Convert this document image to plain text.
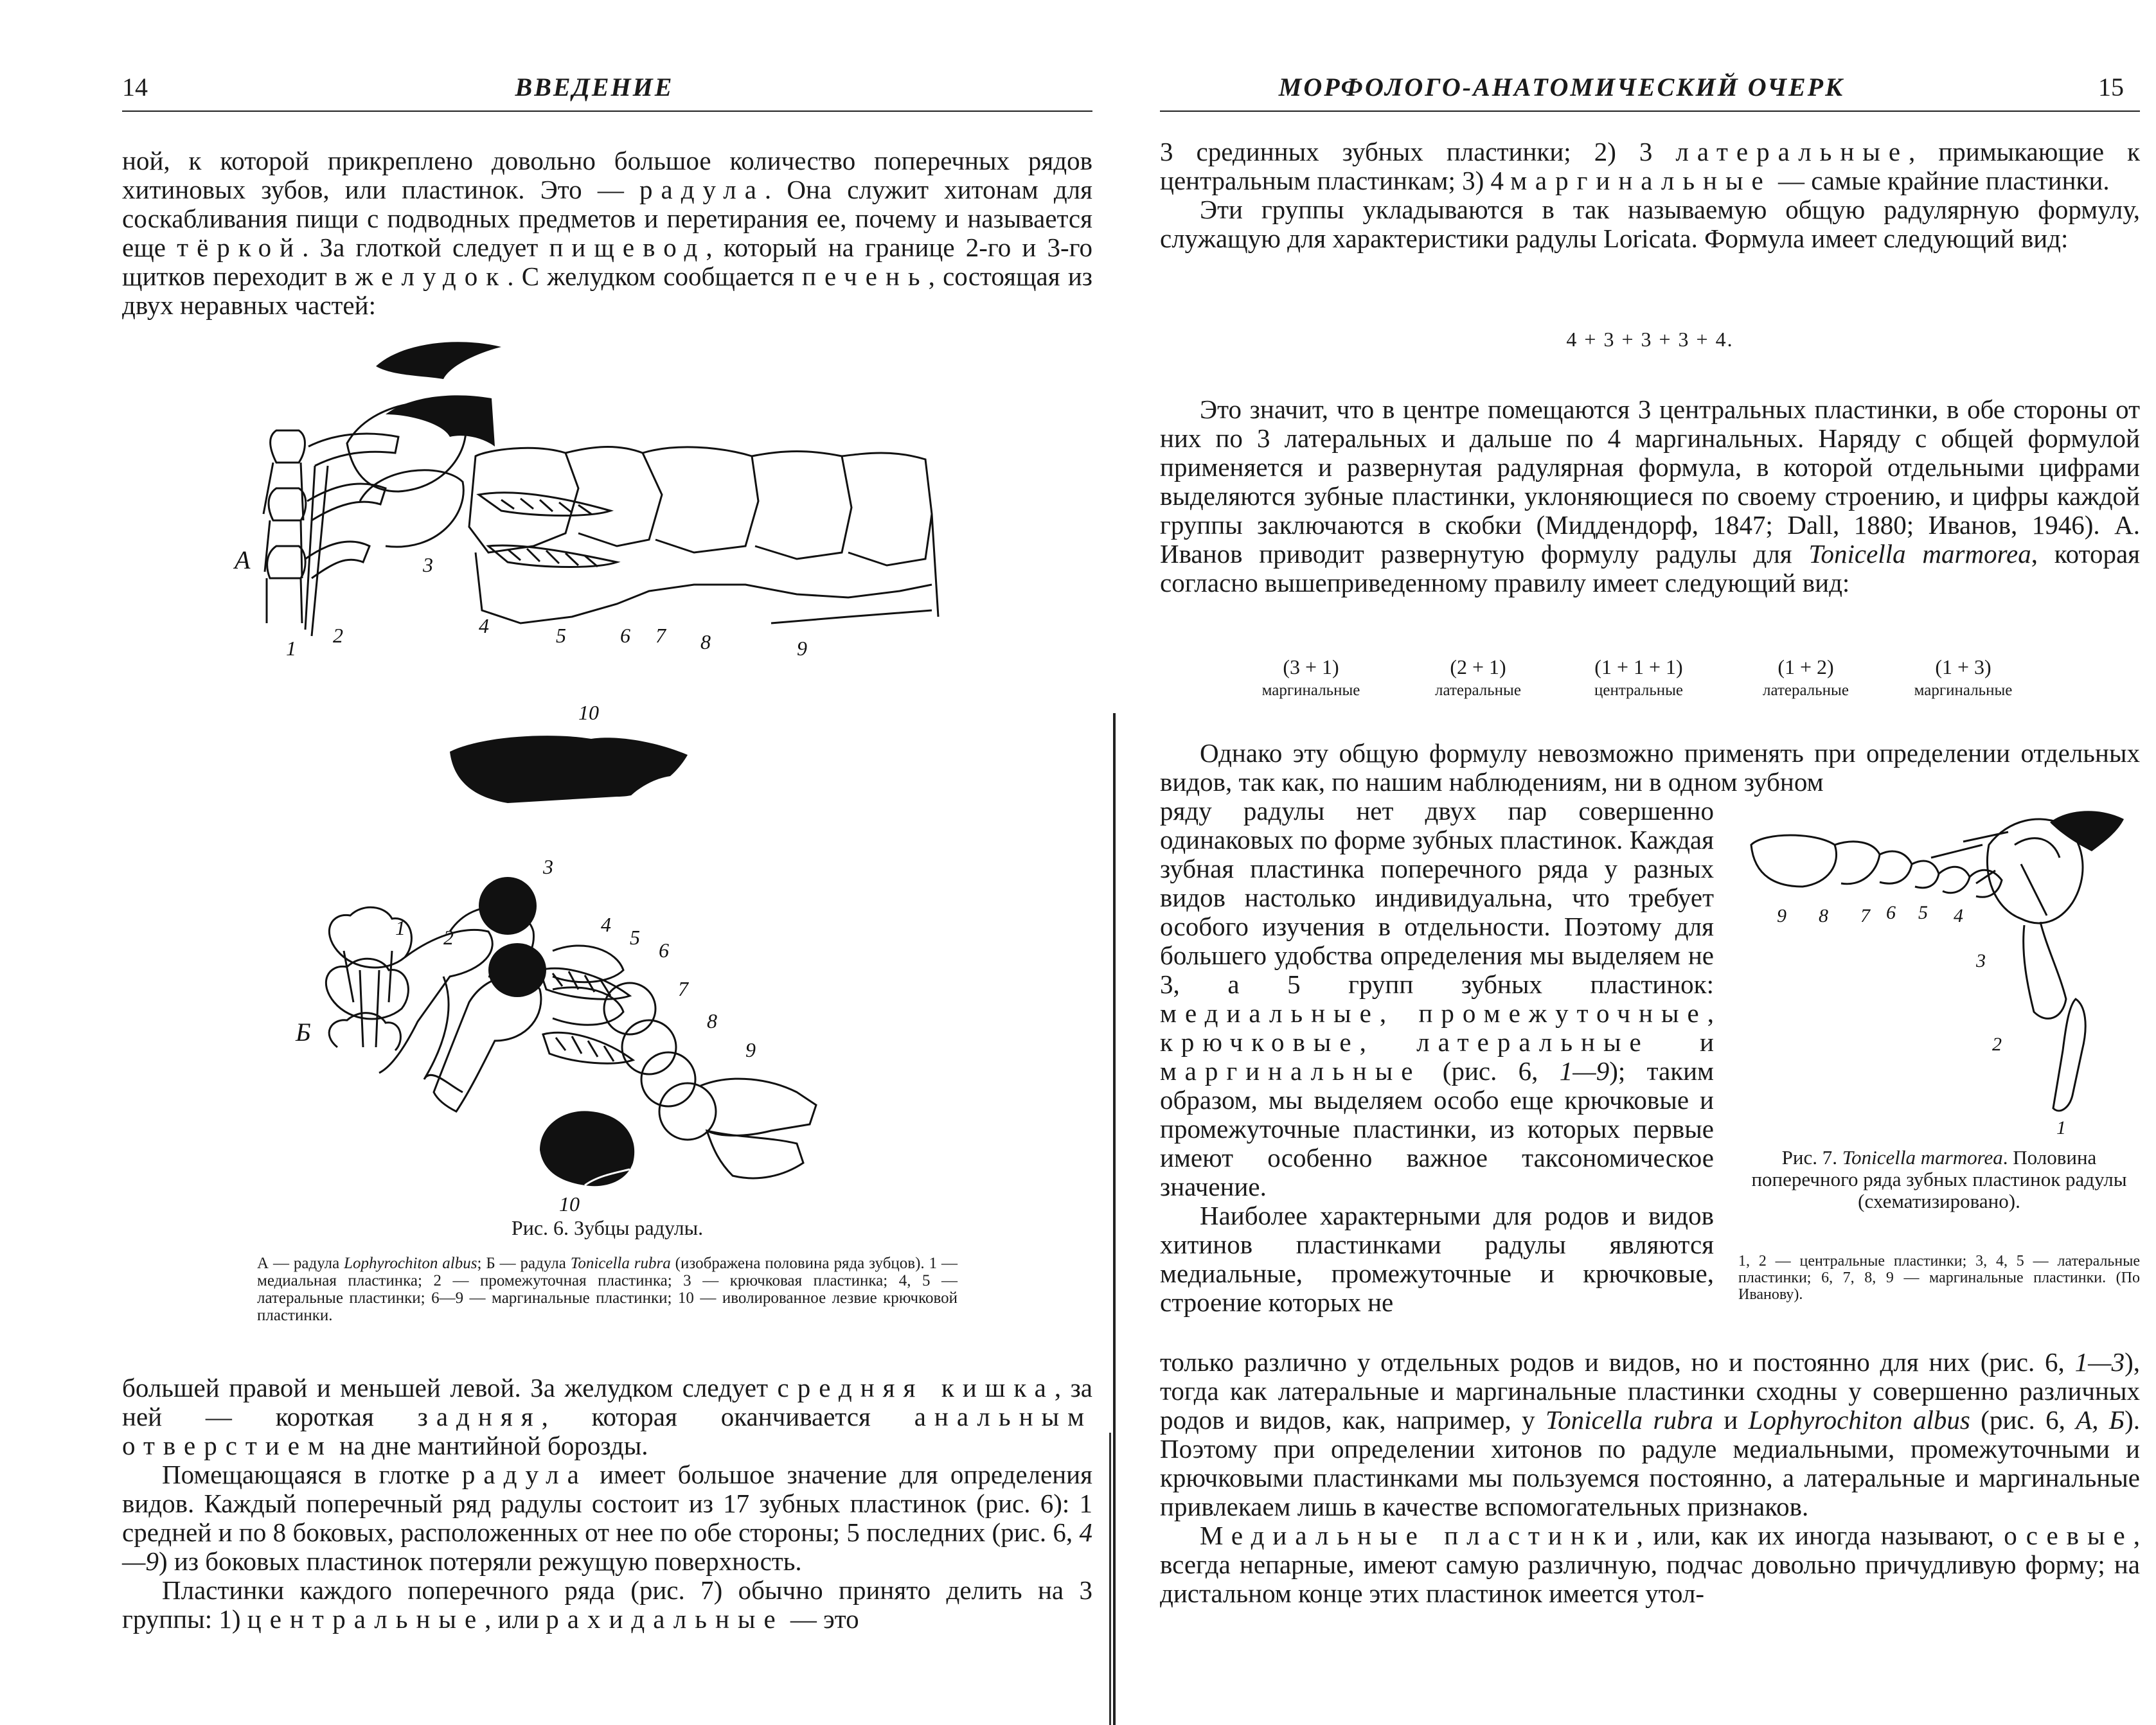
14	ВВЕДЕНИЕ

ной, к которой прикреплено довольно большое количество поперечных рядов хитиновых зубов, или пластинок. Это — радула. Она служит хитонам для соскабливания пищи с подводных предметов и перетирания ее, почему и называется еще тёркой. За глоткой следует пищевод, который на границе 2-го и 3-го щитков переходит в желудок. С желудком сообщается печень, состоящая из двух неравных частей:

А
1
2
3
4	5	6 7 8	9
10
Б
1 2
3
4
5
6
7
8
9
10
Рис. 6. Зубцы радулы.
А — радула Lophyrochiton albus; Б — радула Tonicella rubra (изображена половина ряда зубцов). 1 — медиальная пластинка; 2 — промежуточная пластинка; 3 — крючковая пластинка; 4, 5 — латеральные пластинки; 6—9 — маргинальные пластинки; 10 — иволированное лезвие крючковой пластинки.

большей правой и меньшей левой. За желудком следует средняя кишка, за ней — короткая задняя, которая оканчивается анальным отверстием на дне мантийной борозды.

Помещающаяся в глотке радула имеет большое значение для определения видов. Каждый поперечный ряд радулы состоит из 17 зубных пластинок (рис. 6): 1 средней и по 8 боковых, расположенных от нее по обе стороны; 5 последних (рис. 6, 4—9) из боковых пластинок потеряли режущую поверхность.

Пластинки каждого поперечного ряда (рис. 7) обычно принято делить на 3 группы: 1) центральные, или рахидальные — это

МОРФОЛОГО-АНАТОМИЧЕСКИЙ ОЧЕРК	15

3 срединных зубных пластинки; 2) 3 латеральные, примыкающие к центральным пластинкам; 3) 4 маргинальные — самые крайние пластинки.

Эти группы укладываются в так называемую общую радулярную формулу, служащую для характеристики радулы Loricata. Формула имеет следующий вид:

4 + 3 + 3 + 3 + 4.

Это значит, что в центре помещаются 3 центральных пластинки, в обе стороны от них по 3 латеральных и дальше по 4 маргинальных. Наряду с общей формулой применяется и развернутая радулярная формула, в которой отдельными цифрами выделяются зубные пластинки, уклоняющиеся по своему строению, и цифры каждой группы заключаются в скобки (Миддендорф, 1847; Dall, 1880; Иванов, 1946). А. Иванов приводит развернутую формулу радулы для Tonicella marmorea, которая согласно вышеприведенному правилу имеет следующий вид:

(3 + 1)
маргинальные
(2 + 1)
латеральные
(1 + 1 + 1)
центральные
(1 + 2)
латеральные
(1 + 3)
маргинальные
Однако эту общую формулу невозможно применять при определении отдельных видов, так как, по нашим наблюдениям, ни в одном зубном

ряду радулы нет двух пар совершенно одинаковых по форме зубных пластинок. Каждая зубная пластинка поперечного ряда у разных видов настолько индивидуальна, что требует особого изучения в отдельности. Поэтому для большего удобства определения мы выделяем не 3, а 5 групп зубных пластинок: медиальные, промежуточные, крючковые, латеральные и маргинальные (рис. 6, 1—9); таким образом, мы выделяем особо еще крючковые и промежуточные пластинки, из которых первые имеют особенно важное таксономическое значение.

Наиболее характерными для родов и видов хитинов пластинками радулы являются медиальные, промежуточные и крючковые, строение которых не

9 8 7 6 5 4
3
2
1
Рис. 7. Tonicella marmorea. Половина поперечного ряда зубных пластинок радулы (схематизировано).
1, 2 — центральные пластинки; 3, 4, 5 — латеральные пластинки; 6, 7, 8, 9 — маргинальные пластинки. (По Иванову).

только различно у отдельных родов и видов, но и постоянно для них (рис. 6, 1—3), тогда как латеральные и маргинальные пластинки сходны у совершенно различных родов и видов, как, например, у Tonicella rubra и Lophyrochiton albus (рис. 6, А, Б). Поэтому при определении хитонов по радуле медиальными, промежуточными и крючковыми пластинками мы пользуемся постоянно, а латеральные и маргинальные привлекаем лишь в качестве вспомогательных признаков.

Медиальные пластинки, или, как их иногда называют, осевые, всегда непарные, имеют самую различную, подчас довольно причудливую форму; на дистальном конце этих пластинок имеется утол-
